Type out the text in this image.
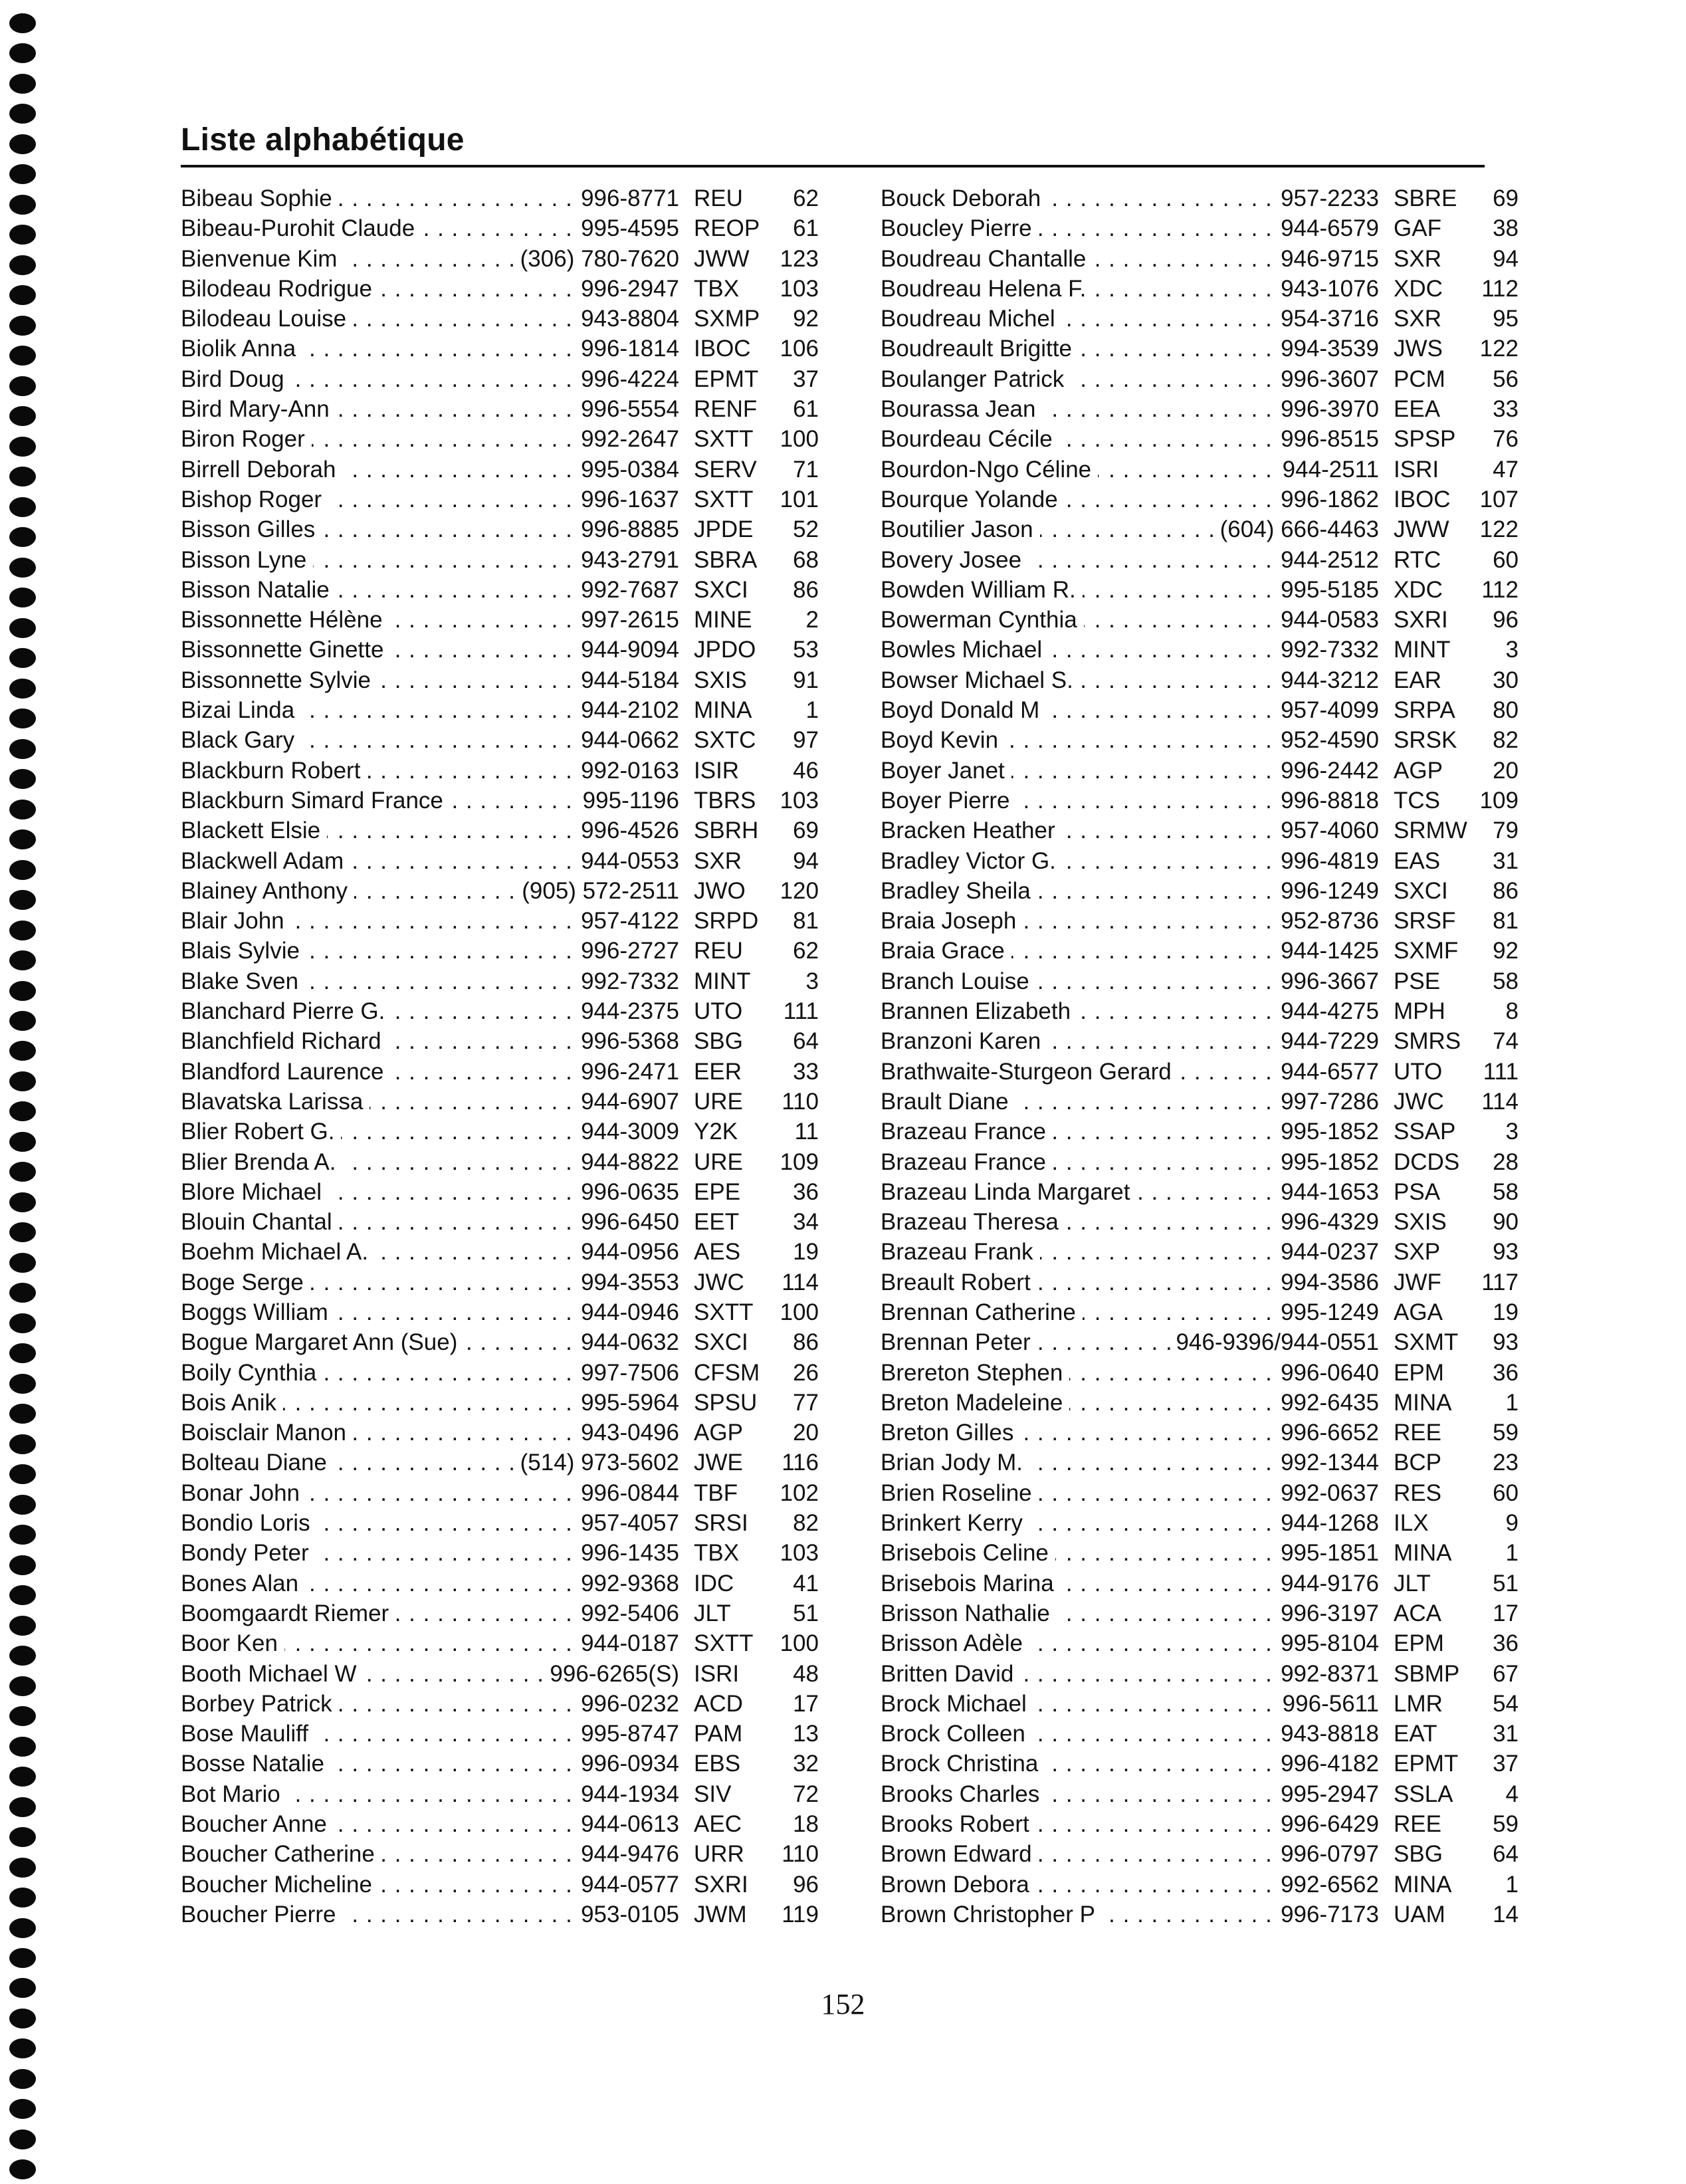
Liste alphabétique
Bibeau Sophie . . .	996-8771 REU	62
Bibeau-Purohit Claude . . .	995-4595 REOP	61
Bienvenue Kim . . .	(306) 780-7620 JWW	123
Bilodeau Rodrigue . . .	996-2947 TBX	103
Bilodeau Louise . . .	943-8804 SXMP	92
Biolik Anna . . .	996-1814 IBOC	106
Bird Doug . . .	996-4224 EPMT	37
Bird Mary-Ann . . .	996-5554 RENF	61
Biron Roger . . .	992-2647 SXTT	100
Birrell Deborah . . .	995-0384 SERV	71
Bishop Roger . . .	996-1637 SXTT	101
Bisson Gilles . . .	996-8885 JPDE	52
Bisson Lyne . . .	943-2791 SBRA	68
Bisson Natalie . . .	992-7687 SXCI	86
Bissonnette Hélène . . .	997-2615 MINE	2
Bissonnette Ginette . . .	944-9094 JPDO	53
Bissonnette Sylvie . . .	944-5184 SXIS	91
Bizai Linda . . .	944-2102 MINA	1
Black Gary . . .	944-0662 SXTC	97
Blackburn Robert . . .	992-0163 ISIR	46
Blackburn Simard France . . .	995-1196 TBRS	103
Blackett Elsie . . .	996-4526 SBRH	69
Blackwell Adam . . .	944-0553 SXR	94
Blainey Anthony . . .	(905) 572-2511 JWO	120
Blair John . . .	957-4122 SRPD	81
Blais Sylvie . . .	996-2727 REU	62
Blake Sven . . .	992-7332 MINT	3
Blanchard Pierre G. . . .	944-2375 UTO	111
Blanchfield Richard . . .	996-5368 SBG	64
Blandford Laurence . . .	996-2471 EER	33
Blavatska Larissa . . .	944-6907 URE	110
Blier Robert G. . . .	944-3009 Y2K	11
Blier Brenda A. . . .	944-8822 URE	109
Blore Michael . . .	996-0635 EPE	36
Blouin Chantal . . .	996-6450 EET	34
Boehm Michael A. . . .	944-0956 AES	19
Boge Serge . . .	994-3553 JWC	114
Boggs William . . .	944-0946 SXTT	100
Bogue Margaret Ann (Sue) . . .	944-0632 SXCI	86
Boily Cynthia . . .	997-7506 CFSM	26
Bois Anik . . .	995-5964 SPSU	77
Boisclair Manon . . .	943-0496 AGP	20
Bolteau Diane . . .	(514) 973-5602 JWE	116
Bonar John . . .	996-0844 TBF	102
Bondio Loris . . .	957-4057 SRSI	82
Bondy Peter . . .	996-1435 TBX	103
Bones Alan . . .	992-9368 IDC	41
Boomgaardt Riemer . . .	992-5406 JLT	51
Boor Ken . . .	944-0187 SXTT	100
Booth Michael W . . .	996-6265(S) ISRI	48
Borbey Patrick . . .	996-0232 ACD	17
Bose Mauliff . . .	995-8747 PAM	13
Bosse Natalie . . .	996-0934 EBS	32
Bot Mario . . .	944-1934 SIV	72
Boucher Anne . . .	944-0613 AEC	18
Boucher Catherine . . .	944-9476 URR	110
Boucher Micheline . . .	944-0577 SXRI	96
Boucher Pierre . . .	953-0105 JWM	119
Bouck Deborah . . .	957-2233 SBRE	69
Boucley Pierre . . .	944-6579 GAF	38
Boudreau Chantalle . . .	946-9715 SXR	94
Boudreau Helena F. . . .	943-1076 XDC	112
Boudreau Michel . . .	954-3716 SXR	95
Boudreault Brigitte . . .	994-3539 JWS	122
Boulanger Patrick . . .	996-3607 PCM	56
Bourassa Jean . . .	996-3970 EEA	33
Bourdeau Cécile . . .	996-8515 SPSP	76
Bourdon-Ngo Céline . . .	944-2511 ISRI	47
Bourque Yolande . . .	996-1862 IBOC	107
Boutilier Jason . . .	(604) 666-4463 JWW	122
Bovery Josee . . .	944-2512 RTC	60
Bowden William R. . . .	995-5185 XDC	112
Bowerman Cynthia . . .	944-0583 SXRI	96
Bowles Michael . . .	992-7332 MINT	3
Bowser Michael S. . . .	944-3212 EAR	30
Boyd Donald M . . .	957-4099 SRPA	80
Boyd Kevin . . .	952-4590 SRSK	82
Boyer Janet . . .	996-2442 AGP	20
Boyer Pierre . . .	996-8818 TCS	109
Bracken Heather . . .	957-4060 SRMW	79
Bradley Victor G. . . .	996-4819 EAS	31
Bradley Sheila . . .	996-1249 SXCI	86
Braia Joseph . . .	952-8736 SRSF	81
Braia Grace . . .	944-1425 SXMF	92
Branch Louise . . .	996-3667 PSE	58
Brannen Elizabeth . . .	944-4275 MPH	8
Branzoni Karen . . .	944-7229 SMRS	74
Brathwaite-Sturgeon Gerard . . .	944-6577 UTO	111
Brault Diane . . .	997-7286 JWC	114
Brazeau France . . .	995-1852 SSAP	3
Brazeau France . . .	995-1852 DCDS	28
Brazeau Linda Margaret . . .	944-1653 PSA	58
Brazeau Theresa . . .	996-4329 SXIS	90
Brazeau Frank . . .	944-0237 SXP	93
Breault Robert . . .	994-3586 JWF	117
Brennan Catherine . . .	995-1249 AGA	19
Brennan Peter . . .	946-9396/944-0551 SXMT	93
Brereton Stephen . . .	996-0640 EPM	36
Breton Madeleine . . .	992-6435 MINA	1
Breton Gilles . . .	996-6652 REE	59
Brian Jody M. . . .	992-1344 BCP	23
Brien Roseline . . .	992-0637 RES	60
Brinkert Kerry . . .	944-1268 ILX	9
Brisebois Celine . . .	995-1851 MINA	1
Brisebois Marina . . .	944-9176 JLT	51
Brisson Nathalie . . .	996-3197 ACA	17
Brisson Adèle . . .	995-8104 EPM	36
Britten David . . .	992-8371 SBMP	67
Brock Michael . . .	996-5611 LMR	54
Brock Colleen . . .	943-8818 EAT	31
Brock Christina . . .	996-4182 EPMT	37
Brooks Charles . . .	995-2947 SSLA	4
Brooks Robert . . .	996-6429 REE	59
Brown Edward . . .	996-0797 SBG	64
Brown Debora . . .	992-6562 MINA	1
Brown Christopher P . . .	996-7173 UAM	14
152
